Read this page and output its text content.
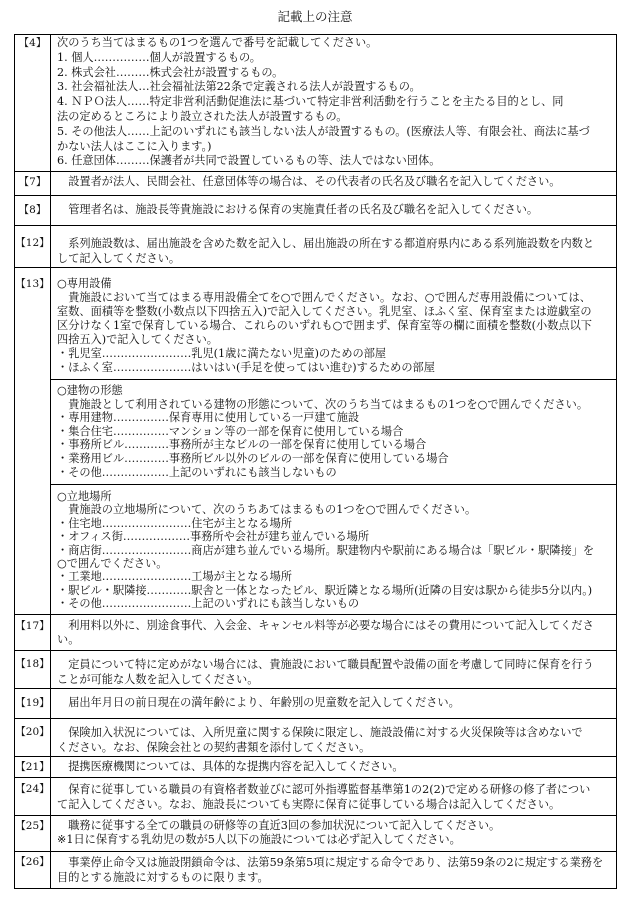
記載上の注意
【4】 次のうち当てはまるもの1つを選んで番号を記載してください。
1. 個人……………個人が設置するもの。
2. 株式会社………株式会社が設置するもの。
3. 社会福祉法人…社会福祉法第22条で定義される法人が設置するもの。
4. ＮＰＯ法人……特定非営利活動促進法に基づいて特定非営利活動を行うことを主たる目的とし、同
法の定めるところにより設立された法人が設置するもの。
5. その他法人……上記のいずれにも該当しない法人が設置するもの。(医療法人等、有限会社、商法に基づ
かない法人はここに入ります。)
6. 任意団体………保護者が共同で設置しているもの等、法人ではない団体。
【7】	設置者が法人、民間会社、任意団体等の場合は、その代表者の氏名及び職名を記入してください。
【8】	管理者名は、施設長等貴施設における保育の実施責任者の氏名及び職名を記入してください。
【12】	系列施設数は、届出施設を含めた数を記入し、届出施設の所在する都道府県内にある系列施設数を内数と
して記入してください。
【13】 ○専用設備
貴施設において当てはまる専用設備全てを○で囲んでください。なお、○で囲んだ専用設備については、
室数、面積等を整数(小数点以下四捨五入)で記入してください。乳児室、ほふく室、保育室または遊戯室の
区分けなく1室で保育している場合、これらのいずれも○で囲まず、保育室等の欄に面積を整数(小数点以下
四捨五入)で記入してください。
・乳児室……………………乳児(1歳に満たない児童)のための部屋
・ほふく室…………………はいはい(手足を使ってはい進む)するための部屋
○建物の形態
貴施設として利用されている建物の形態について、次のうち当てはまるもの1つを○で囲んでください。
・専用建物……………保育専用に使用している一戸建て施設
・集合住宅……………マンション等の一部を保育に使用している場合
・事務所ビル…………事務所が主なビルの一部を保育に使用している場合
・業務用ビル…………事務所ビル以外のビルの一部を保育に使用している場合
・その他………………上記のいずれにも該当しないもの
○立地場所
貴施設の立地場所について、次のうちあてはまるもの1つを○で囲んでください。
・住宅地……………………住宅が主となる場所
・オフィス街………………事務所や会社が建ち並んでいる場所
・商店街……………………商店が建ち並んでいる場所。駅建物内や駅前にある場合は「駅ビル・駅隣接」を
○で囲んでください。
・工業地……………………工場が主となる場所
・駅ビル・駅隣接…………駅舎と一体となったビル、駅近隣となる場所(近隣の目安は駅から徒歩5分以内。)
・その他……………………上記のいずれにも該当しないもの
【17】	利用料以外に、別途食事代、入会金、キャンセル料等が必要な場合にはその費用について記入してくださ
い。
【18】	定員について特に定めがない場合には、貴施設において職員配置や設備の面を考慮して同時に保育を行う
ことが可能な人数を記入してください。
【19】	届出年月日の前日現在の満年齢により、年齢別の児童数を記入してください。
【20】	保険加入状況については、入所児童に関する保険に限定し、施設設備に対する火災保険等は含めないで
ください。なお、保険会社との契約書類を添付してください。
【21】	提携医療機関については、具体的な提携内容を記入してください。
【24】	保育に従事している職員の有資格者数並びに認可外指導監督基準第1の2(2)で定める研修の修了者につい
て記入してください。なお、施設長についても実際に保育に従事している場合は記入してください。
【25】	職務に従事する全ての職員の研修等の直近3回の参加状況について記入してください。
※1日に保育する乳幼児の数が5人以下の施設については必ず記入してください。
【26】	事業停止命令又は施設閉鎖命令は、法第59条第5項に規定する命令であり、法第59条の2に規定する業務を
目的とする施設に対するものに限ります。
